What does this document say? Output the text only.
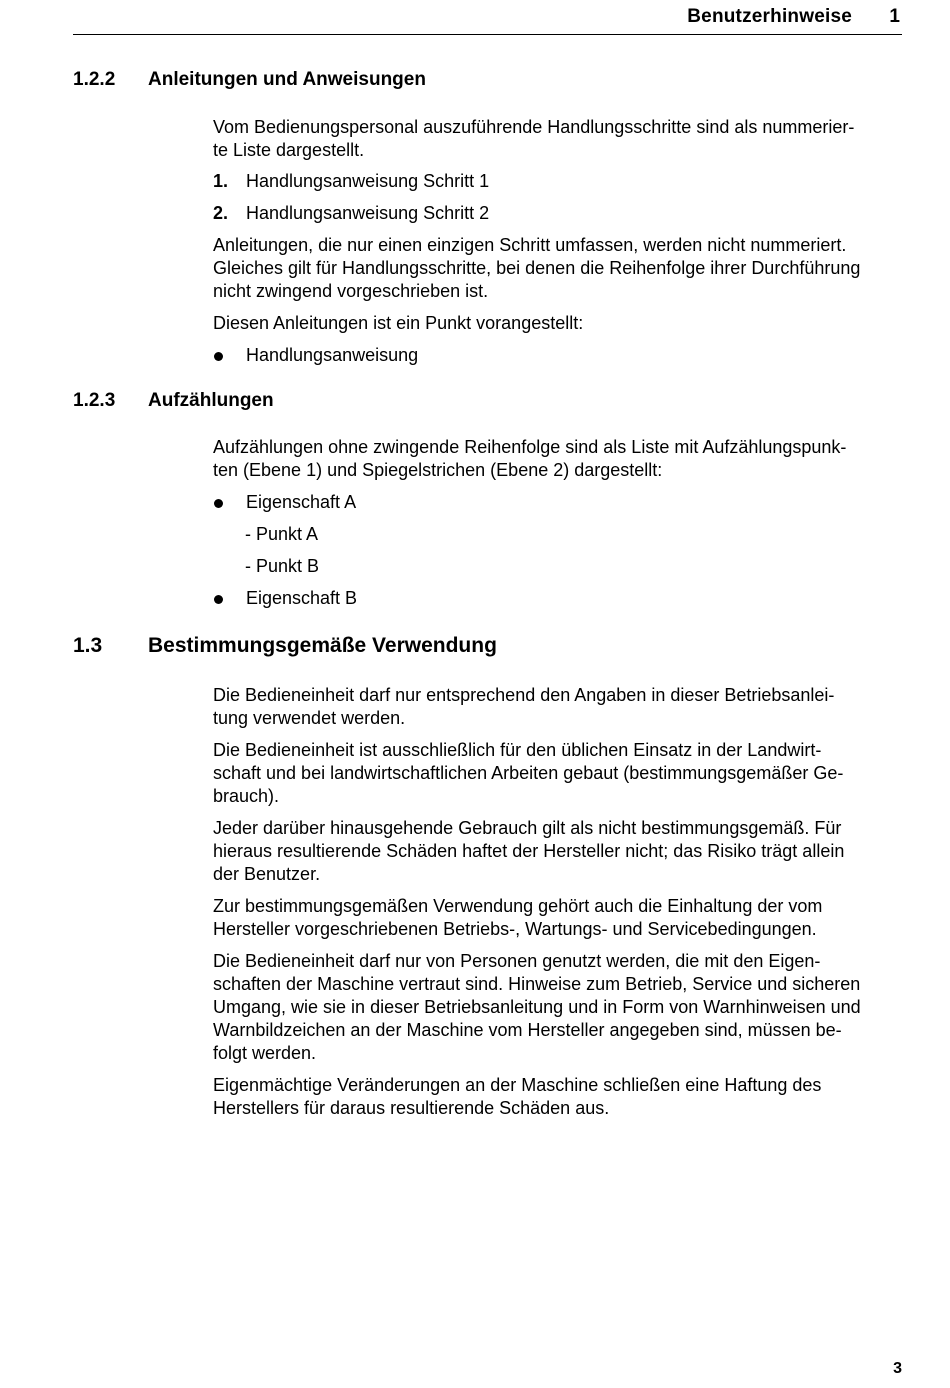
Benutzerhinweise 1
1.2.2 Anleitungen und Anweisungen
Vom Bedienungspersonal auszuführende Handlungsschritte sind als nummerier-
te Liste dargestellt.
1. Handlungsanweisung Schritt 1
2. Handlungsanweisung Schritt 2
Anleitungen, die nur einen einzigen Schritt umfassen, werden nicht nummeriert.
Gleiches gilt für Handlungsschritte, bei denen die Reihenfolge ihrer Durchführung
nicht zwingend vorgeschrieben ist.
Diesen Anleitungen ist ein Punkt vorangestellt:
Handlungsanweisung
1.2.3 Aufzählungen
Aufzählungen ohne zwingende Reihenfolge sind als Liste mit Aufzählungspunk-
ten (Ebene 1) und Spiegelstrichen (Ebene 2) dargestellt:
Eigenschaft A
- Punkt A
- Punkt B
Eigenschaft B
1.3 Bestimmungsgemäße Verwendung
Die Bedieneinheit darf nur entsprechend den Angaben in dieser Betriebsanlei-
tung verwendet werden.
Die Bedieneinheit ist ausschließlich für den üblichen Einsatz in der Landwirt-
schaft und bei landwirtschaftlichen Arbeiten gebaut (bestimmungsgemäßer Ge-
brauch).
Jeder darüber hinausgehende Gebrauch gilt als nicht bestimmungsgemäß. Für
hieraus resultierende Schäden haftet der Hersteller nicht; das Risiko trägt allein
der Benutzer.
Zur bestimmungsgemäßen Verwendung gehört auch die Einhaltung der vom
Hersteller vorgeschriebenen Betriebs-, Wartungs- und Servicebedingungen.
Die Bedieneinheit darf nur von Personen genutzt werden, die mit den Eigen-
schaften der Maschine vertraut sind. Hinweise zum Betrieb, Service und sicheren
Umgang, wie sie in dieser Betriebsanleitung und in Form von Warnhinweisen und
Warnbildzeichen an der Maschine vom Hersteller angegeben sind, müssen be-
folgt werden.
Eigenmächtige Veränderungen an der Maschine schließen eine Haftung des
Herstellers für daraus resultierende Schäden aus.
3
